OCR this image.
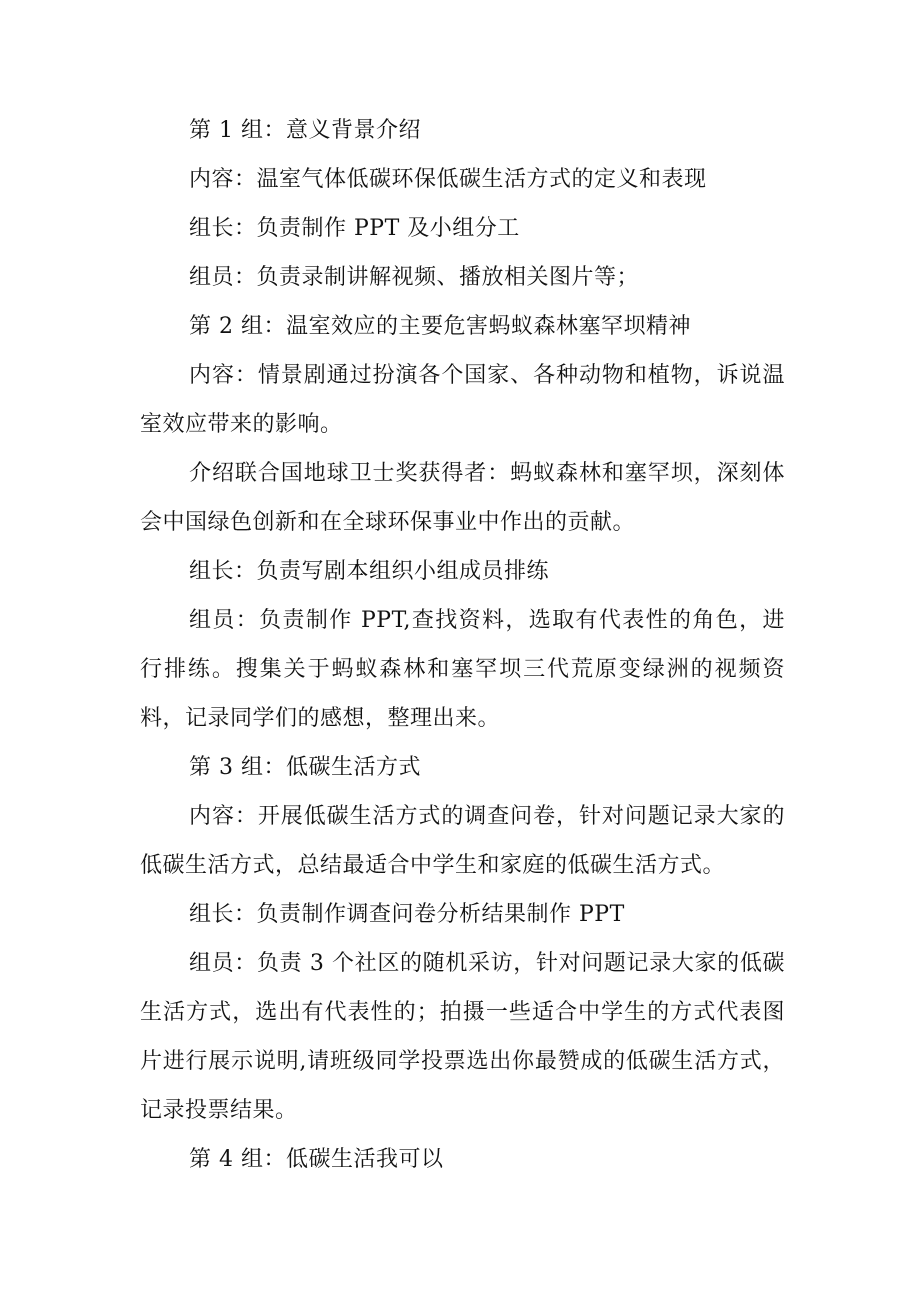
第 1 组：意义背景介绍

内容：温室气体低碳环保低碳生活方式的定义和表现

组长：负责制作 PPT 及小组分工

组员：负责录制讲解视频、播放相关图片等；

第 2 组：温室效应的主要危害蚂蚁森林塞罕坝精神

内容：情景剧通过扮演各个国家、各种动物和植物，诉说温室效应带来的影响。

介绍联合国地球卫士奖获得者：蚂蚁森林和塞罕坝，深刻体会中国绿色创新和在全球环保事业中作出的贡献。

组长：负责写剧本组织小组成员排练

组员：负责制作 PPT,查找资料，选取有代表性的角色，进行排练。搜集关于蚂蚁森林和塞罕坝三代荒原变绿洲的视频资料，记录同学们的感想，整理出来。

第 3 组：低碳生活方式

内容：开展低碳生活方式的调查问卷，针对问题记录大家的低碳生活方式，总结最适合中学生和家庭的低碳生活方式。

组长：负责制作调查问卷分析结果制作 PPT

组员：负责 3 个社区的随机采访，针对问题记录大家的低碳生活方式，选出有代表性的；拍摄一些适合中学生的方式代表图片进行展示说明,请班级同学投票选出你最赞成的低碳生活方式，记录投票结果。

第 4 组：低碳生活我可以
